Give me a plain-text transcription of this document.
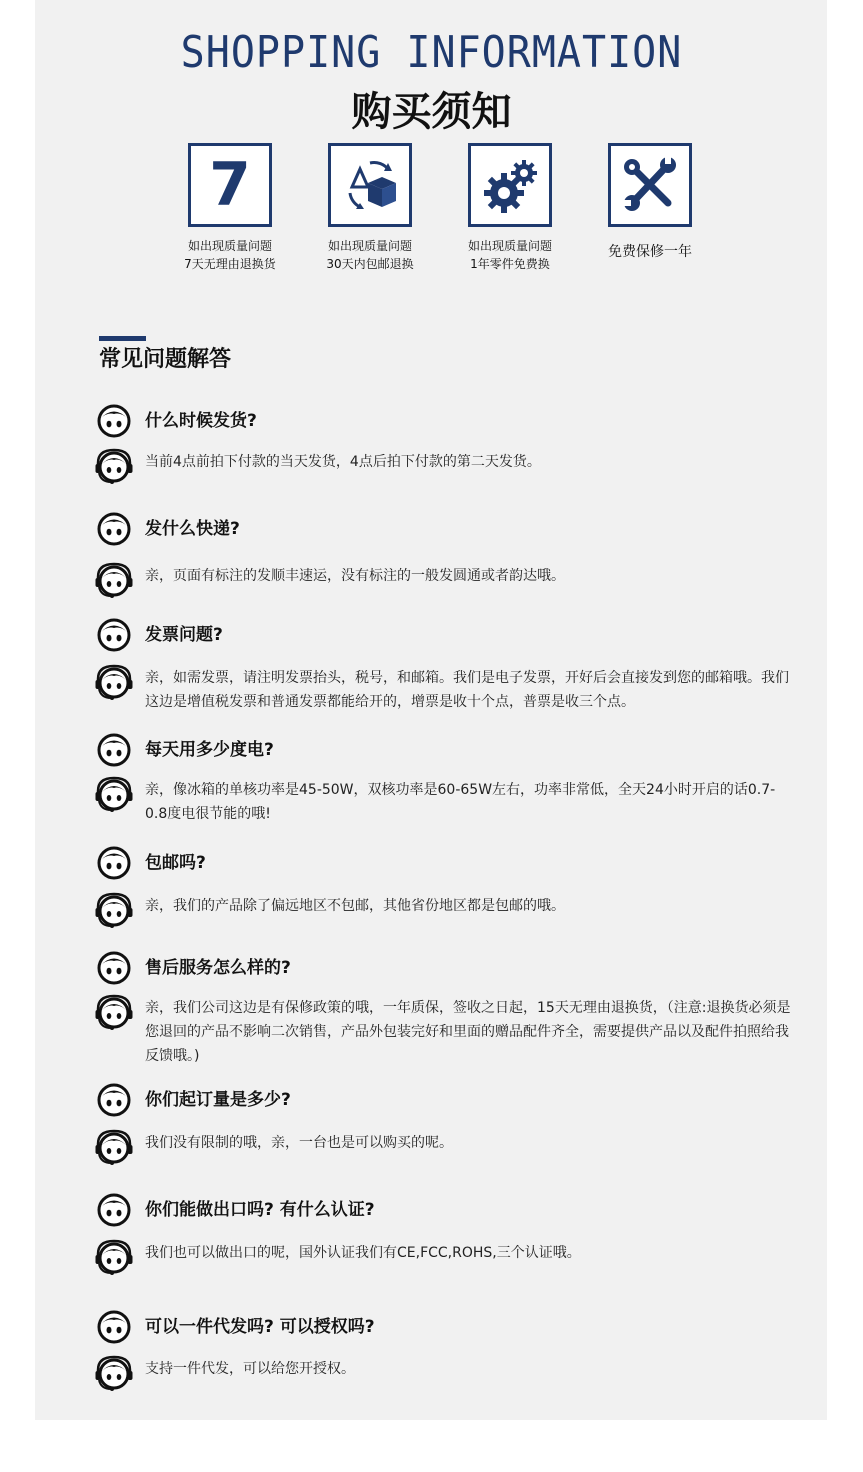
SHOPPING INFORMATION
购买须知
7
如出现质量问题
7天无理由退换货
如出现质量问题
30天内包邮退换
如出现质量问题
1年零件免费换
免费保修一年
常见问题解答
什么时候发货?
当前4点前拍下付款的当天发货，4点后拍下付款的第二天发货。
发什么快递?
亲，页面有标注的发顺丰速运，没有标注的一般发圆通或者韵达哦。
发票问题?
亲，如需发票，请注明发票抬头，税号，和邮箱。我们是电子发票，开好后会直接发到您的邮箱哦。我们这边是增值税发票和普通发票都能给开的，增票是收十个点，普票是收三个点。
每天用多少度电?
亲，像冰箱的单核功率是45-50W，双核功率是60-65W左右，功率非常低，全天24小时开启的话0.7-0.8度电很节能的哦!
包邮吗?
亲，我们的产品除了偏远地区不包邮，其他省份地区都是包邮的哦。
售后服务怎么样的?
亲，我们公司这边是有保修政策的哦，一年质保，签收之日起，15天无理由退换货，（注意:退换货必须是您退回的产品不影响二次销售，产品外包装完好和里面的赠品配件齐全，需要提供产品以及配件拍照给我反馈哦。)
你们起订量是多少?
我们没有限制的哦，亲，一台也是可以购买的呢。
你们能做出口吗? 有什么认证?
我们也可以做出口的呢，国外认证我们有CE,FCC,ROHS,三个认证哦。
可以一件代发吗? 可以授权吗?
支持一件代发，可以给您开授权。
